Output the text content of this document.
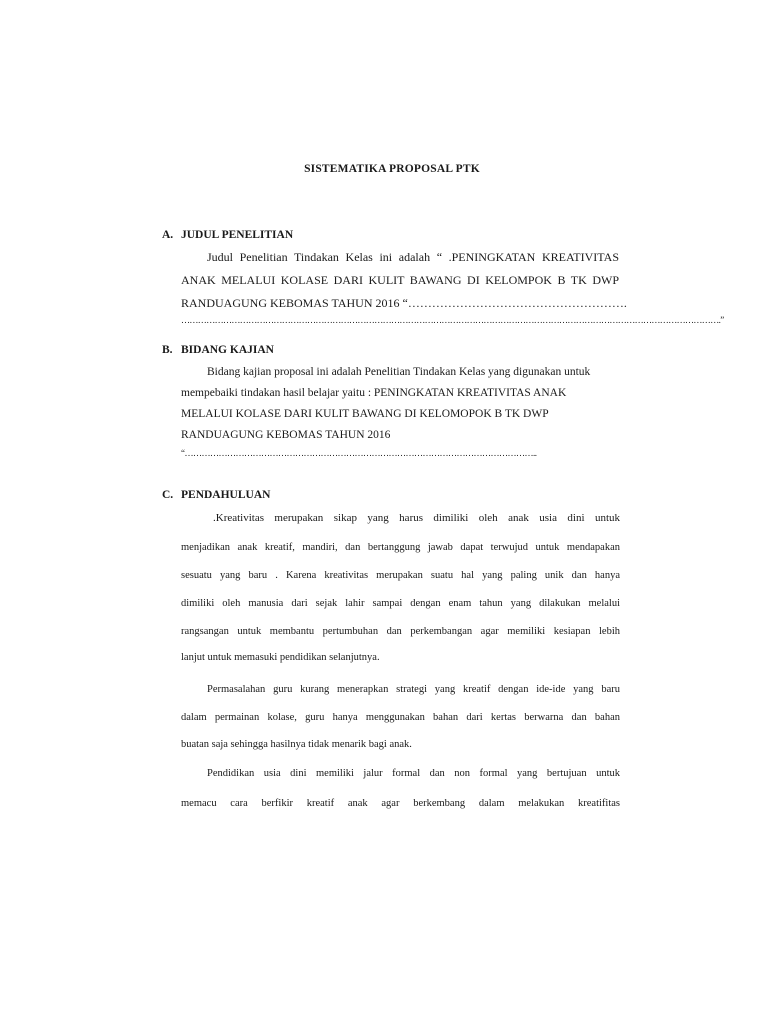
SISTEMATIKA PROPOSAL PTK
A. JUDUL PENELITIAN
Judul Penelitian Tindakan Kelas ini adalah “ .PENINGKATAN KREATIVITAS
ANAK MELALUI KOLASE DARI KULIT BAWANG DI KELOMPOK B TK DWP
RANDUAGUNG KEBOMAS TAHUN 2016 “……………………………………………….
………………………………………………………………………………………………………………………………………………………………………….”
B. BIDANG KAJIAN
Bidang kajian proposal ini adalah Penelitian Tindakan Kelas yang digunakan untuk
mempebaiki tindakan hasil belajar yaitu : PENINGKATAN KREATIVITAS ANAK
MELALUI KOLASE DARI KULIT BAWANG DI KELOMOPOK B TK DWP
RANDUAGUNG KEBOMAS TAHUN 2016
“……………………………………………………………………………………………………………..
C. PENDAHULUAN
.Kreativitas merupakan sikap yang harus dimiliki oleh anak usia dini untuk
menjadikan anak kreatif, mandiri, dan bertanggung jawab dapat terwujud untuk mendapakan
sesuatu yang baru . Karena kreativitas merupakan suatu hal yang paling unik dan hanya
dimiliki oleh manusia dari sejak lahir sampai dengan enam tahun yang dilakukan melalui
rangsangan untuk membantu pertumbuhan dan perkembangan agar memiliki kesiapan lebih
lanjut untuk memasuki pendidikan selanjutnya.
Permasalahan guru kurang menerapkan strategi yang kreatif dengan ide-ide yang baru
dalam permainan kolase, guru hanya menggunakan bahan dari kertas berwarna dan bahan
buatan saja sehingga hasilnya tidak menarik bagi anak.
Pendidikan usia dini memiliki jalur formal dan non formal yang bertujuan untuk
memacu cara berfikir kreatif anak agar berkembang dalam melakukan kreatifitas
